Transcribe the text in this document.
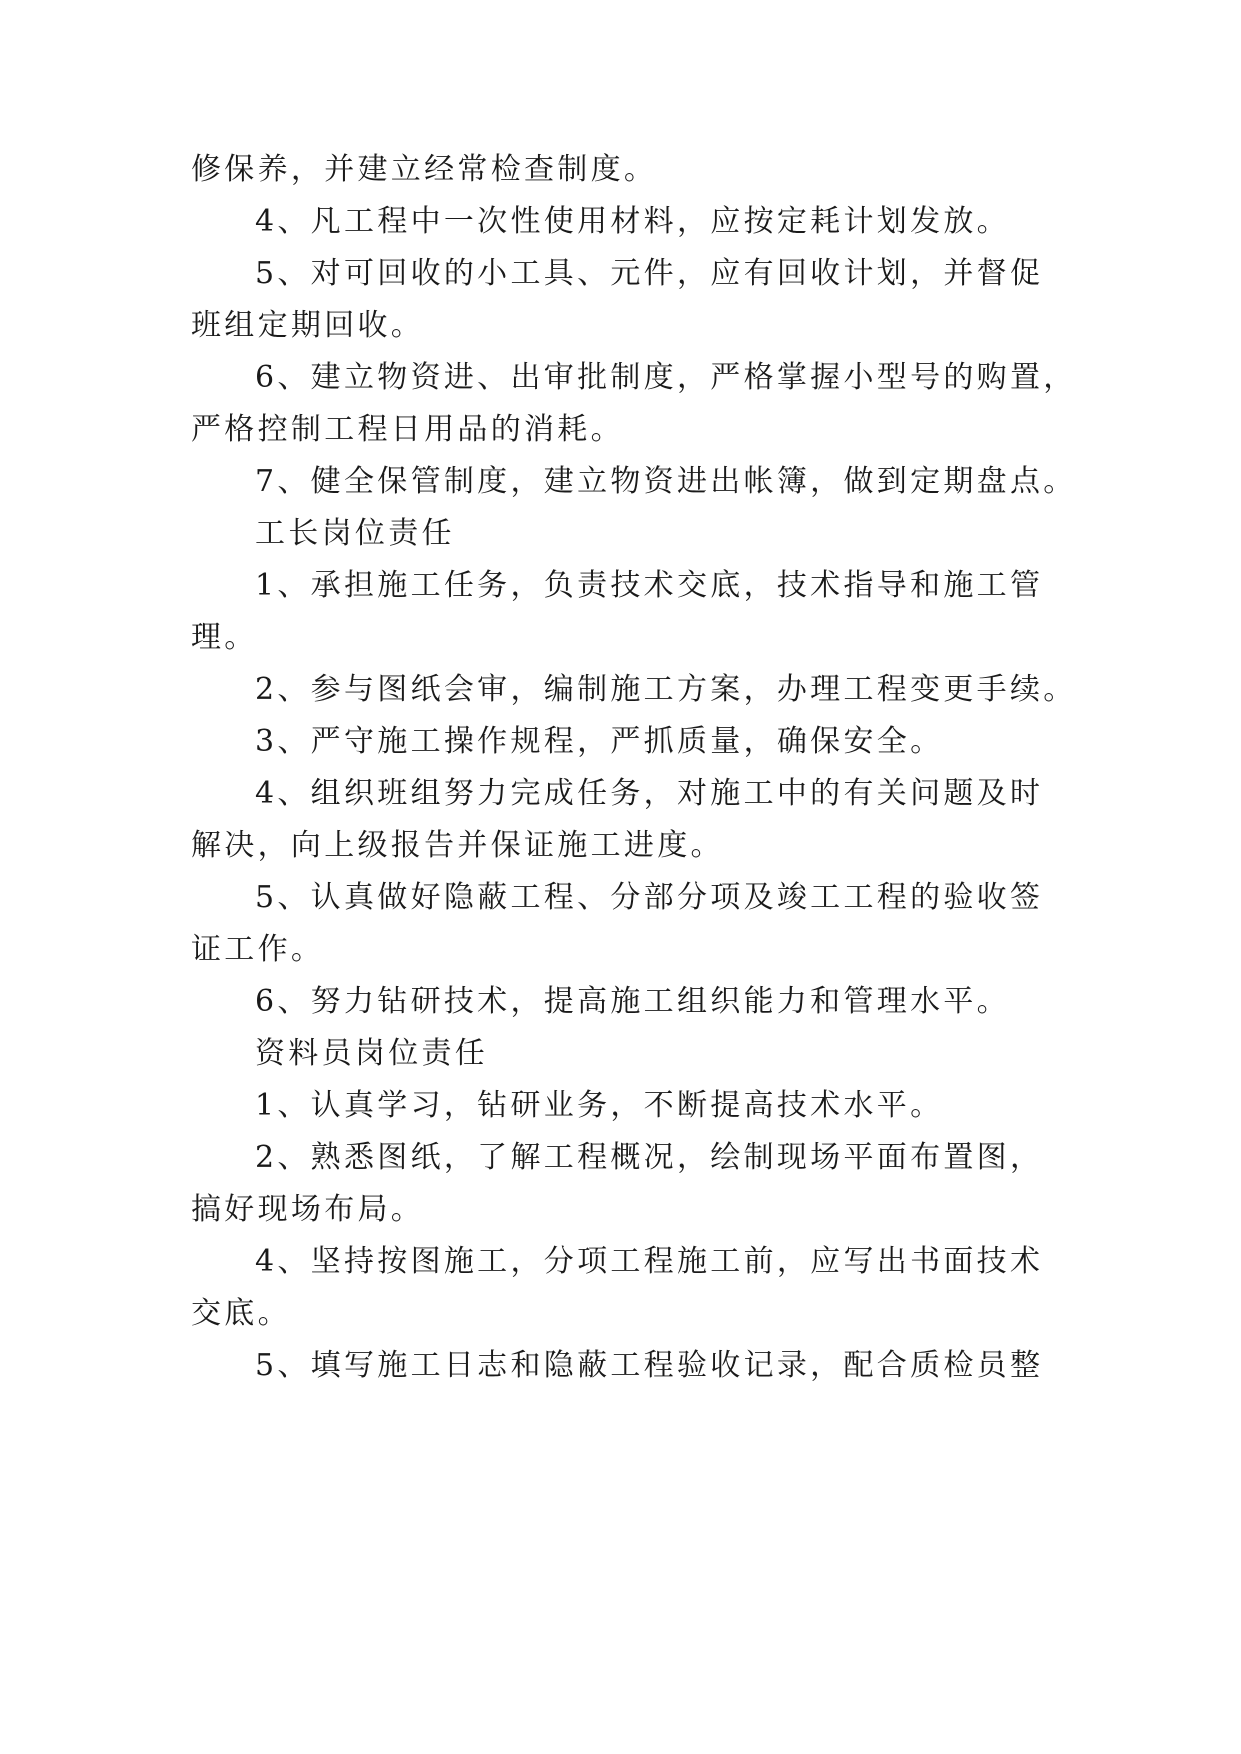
修保养，并建立经常检查制度。
4、凡工程中一次性使用材料，应按定耗计划发放。
5、对可回收的小工具、元件，应有回收计划，并督促
班组定期回收。
6、建立物资进、出审批制度，严格掌握小型号的购置，
严格控制工程日用品的消耗。
7、健全保管制度，建立物资进出帐簿，做到定期盘点。
工长岗位责任
1、承担施工任务，负责技术交底，技术指导和施工管
理。
2、参与图纸会审，编制施工方案，办理工程变更手续。
3、严守施工操作规程，严抓质量，确保安全。
4、组织班组努力完成任务，对施工中的有关问题及时
解决，向上级报告并保证施工进度。
5、认真做好隐蔽工程、分部分项及竣工工程的验收签
证工作。
6、努力钻研技术，提高施工组织能力和管理水平。
资料员岗位责任
1、认真学习，钻研业务，不断提高技术水平。
2、熟悉图纸，了解工程概况，绘制现场平面布置图，
搞好现场布局。
4、坚持按图施工，分项工程施工前，应写出书面技术
交底。
5、填写施工日志和隐蔽工程验收记录，配合质检员整
